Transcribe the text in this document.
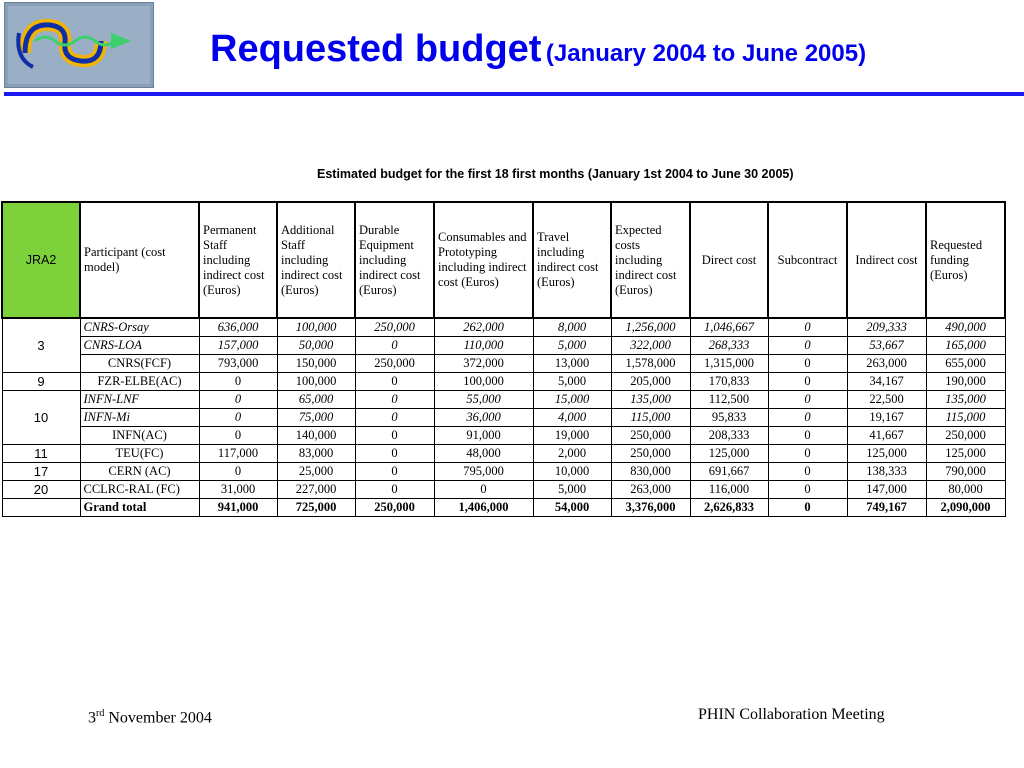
Requested budget (January 2004 to June 2005)
Estimated budget for the first 18 first months (January 1st 2004 to June 30 2005)
JRA2	Participant (cost model)	Permanent Staff including indirect cost (Euros)	Additional Staff including indirect cost (Euros)	Durable Equipment including indirect cost (Euros)	Consumables and Prototyping including indirect cost (Euros)	Travel including indirect cost (Euros)	Expected costs including indirect cost (Euros)	Direct cost	Subcontract	Indirect cost	Requested funding (Euros)
3	CNRS-Orsay	636,000	100,000	250,000	262,000	8,000	1,256,000	1,046,667	0	209,333	490,000
	CNRS-LOA	157,000	50,000	0	110,000	5,000	322,000	268,333	0	53,667	165,000
	CNRS(FCF)	793,000	150,000	250,000	372,000	13,000	1,578,000	1,315,000	0	263,000	655,000
9	FZR-ELBE(AC)	0	100,000	0	100,000	5,000	205,000	170,833	0	34,167	190,000
10	INFN-LNF	0	65,000	0	55,000	15,000	135,000	112,500	0	22,500	135,000
	INFN-Mi	0	75,000	0	36,000	4,000	115,000	95,833	0	19,167	115,000
	INFN(AC)	0	140,000	0	91,000	19,000	250,000	208,333	0	41,667	250,000
11	TEU(FC)	117,000	83,000	0	48,000	2,000	250,000	125,000	0	125,000	125,000
17	CERN (AC)	0	25,000	0	795,000	10,000	830,000	691,667	0	138,333	790,000
20	CCLRC-RAL (FC)	31,000	227,000	0	0	5,000	263,000	116,000	0	147,000	80,000
	Grand total	941,000	725,000	250,000	1,406,000	54,000	3,376,000	2,626,833	0	749,167	2,090,000
3rd November 2004	PHIN Collaboration Meeting
